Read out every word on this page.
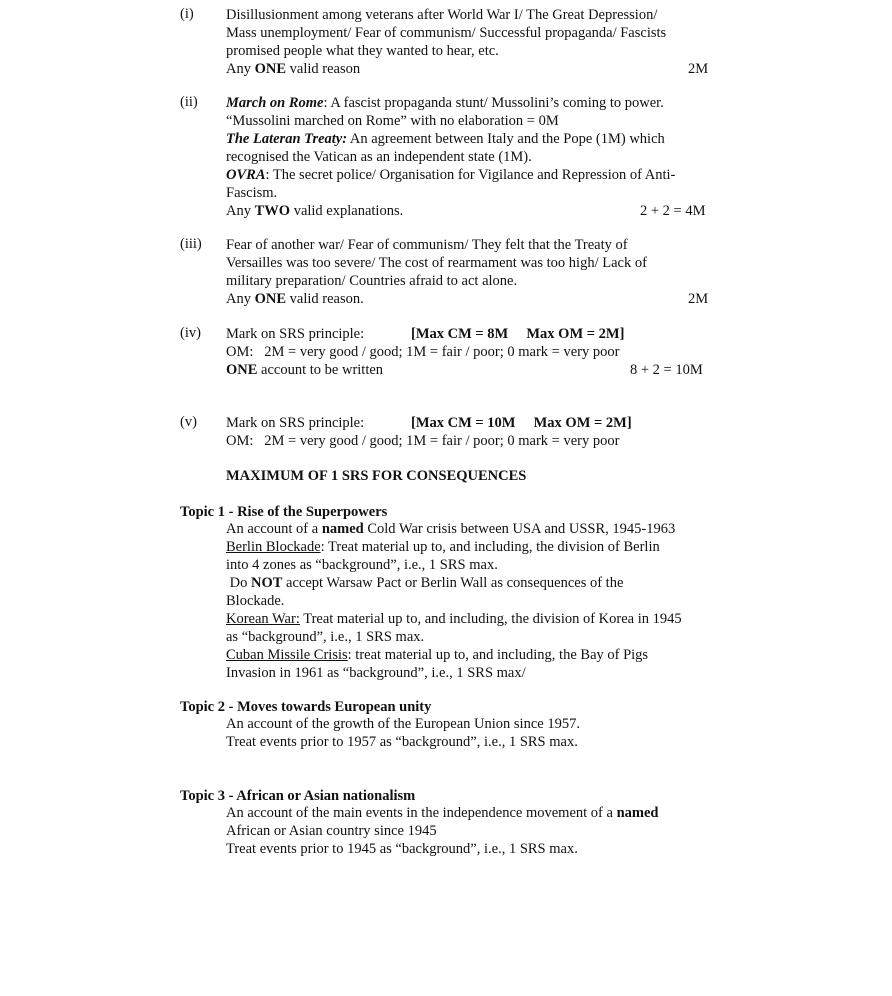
(i) Disillusionment among veterans after World War I/ The Great Depression/
Mass unemployment/ Fear of communism/ Successful propaganda/ Fascists
promised people what they wanted to hear, etc.
Any ONE valid reason	2M
(ii) March on Rome: A fascist propaganda stunt/ Mussolini’s coming to power.
“Mussolini marched on Rome” with no elaboration = 0M
The Lateran Treaty: An agreement between Italy and the Pope (1M) which
recognised the Vatican as an independent state (1M).
OVRA: The secret police/ Organisation for Vigilance and Repression of Anti-
Fascism.
Any TWO valid explanations.	2 + 2 = 4M
(iii) Fear of another war/ Fear of communism/ They felt that the Treaty of
Versailles was too severe/ The cost of rearmament was too high/ Lack of
military preparation/ Countries afraid to act alone.
Any ONE valid reason.	2M
(iv) Mark on SRS principle:	[Max CM = 8M     Max OM = 2M]
OM:   2M = very good / good; 1M = fair / poor; 0 mark = very poor
ONE account to be written	8 + 2 = 10M
(v) Mark on SRS principle:	[Max CM = 10M     Max OM = 2M]
OM:   2M = very good / good; 1M = fair / poor; 0 mark = very poor
MAXIMUM OF 1 SRS FOR CONSEQUENCES
Topic 1 - Rise of the Superpowers
An account of a named Cold War crisis between USA and USSR, 1945-1963
Berlin Blockade: Treat material up to, and including, the division of Berlin
into 4 zones as “background”, i.e., 1 SRS max.
Do NOT accept Warsaw Pact or Berlin Wall as consequences of the
Blockade.
Korean War: Treat material up to, and including, the division of Korea in 1945
as “background”, i.e., 1 SRS max.
Cuban Missile Crisis: treat material up to, and including, the Bay of Pigs
Invasion in 1961 as “background”, i.e., 1 SRS max/
Topic 2 - Moves towards European unity
An account of the growth of the European Union since 1957.
Treat events prior to 1957 as “background”, i.e., 1 SRS max.
Topic 3 - African or Asian nationalism
An account of the main events in the independence movement of a named
African or Asian country since 1945
Treat events prior to 1945 as “background”, i.e., 1 SRS max.
